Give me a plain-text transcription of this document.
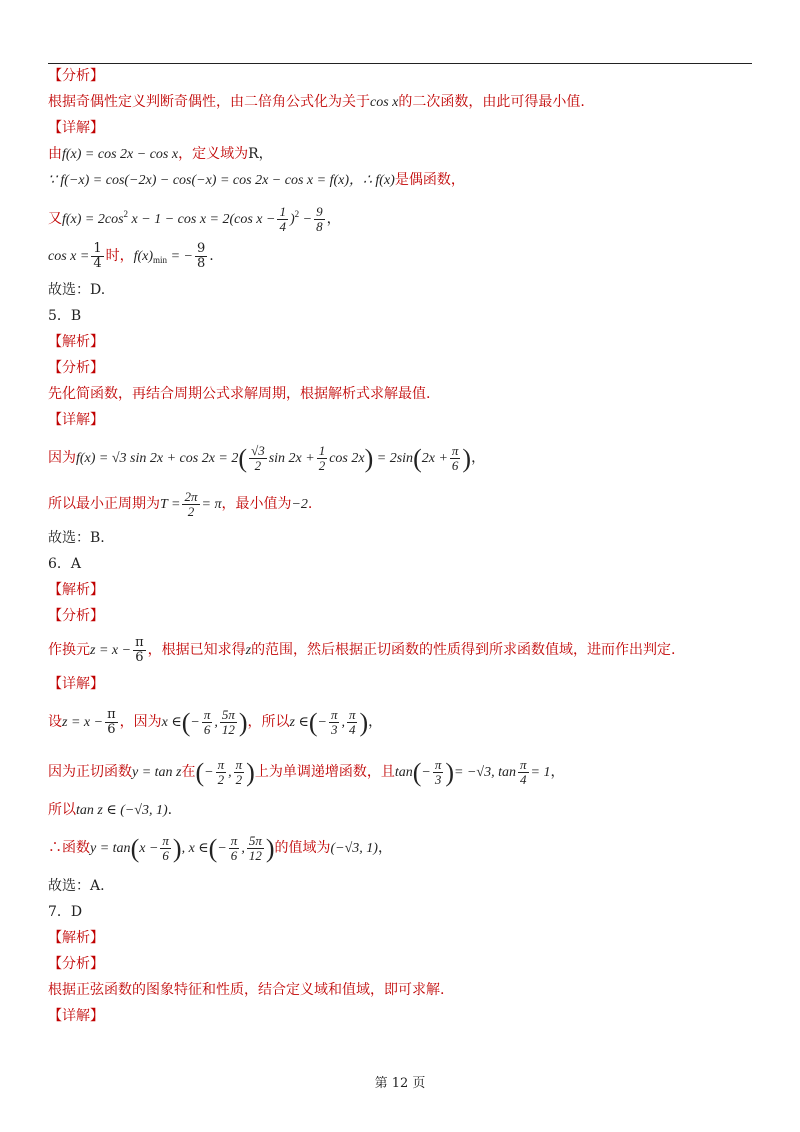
【分析】
根据奇偶性定义判断奇偶性，由二倍角公式化为关于cos x的二次函数，由此可得最小值.
【详解】
由f(x) = cos 2x − cos x，定义域为R，
∵ f(−x) = cos(−2x) − cos(−x) = cos 2x − cos x = f(x)，∴ f(x)是偶函数，
又$f(x) = 2\cos^2$ x − 1 − cos x = 2(cos $x - \frac{1}{4} )^2 - \frac{9}{8}$ ，
$\cos x = \frac{1}{4}$ 时，$f(x)_{min}$ = − $\frac{9}{8}$ .
故选：D.
5．B
【解析】
【分析】
先化简函数，再结合周期公式求解周期，根据解析式求解最值.
【详解】
因为f(x) = √3 $\sin 2x + \cos 2x = 2( \frac{√3}{2}$ $\sin 2x + \frac{1}{2}$ $\cos 2x) = 2\sin(2x + \frac{\pi}{6}$ )，
所以最小正周期为$T = \frac{2\pi}{2} = \pi$，最小值为−2.
故选：B.
6．A
【解析】
【分析】
作换元$z = x - \frac{\pi}{6}$ ，根据已知求得z的范围，然后根据正切函数的性质得到所求函数值域，进而作出判定.
【详解】
设$z = x - \frac{\pi}{6}$ ，因为x ∈(− $\frac{\pi}{6}$ , $\frac{5\pi}{12}$ )，所以z ∈(− $\frac{\pi}{3}$ , $\frac{\pi}{4}$ )，
因为正切函数y = tan z在(− $\frac{\pi}{2}$ , $\frac{\pi}{2}$ )上为单调递增函数，且$\tan(- \frac{\pi}{3}$ )= −√3, $\tan \frac{\pi}{4} = 1$，
所以tan z ∈ (−√3, 1).
∴函数$y = \tan(x - \frac{\pi}{6}$ ), x ∈(− $\frac{\pi}{6}$ , $\frac{5\pi}{12}$ )的值域为(−√3, 1)，
故选：A.
7．D
【解析】
【分析】
根据正弦函数的图象特征和性质，结合定义域和值域，即可求解.
【详解】
第 12 页
